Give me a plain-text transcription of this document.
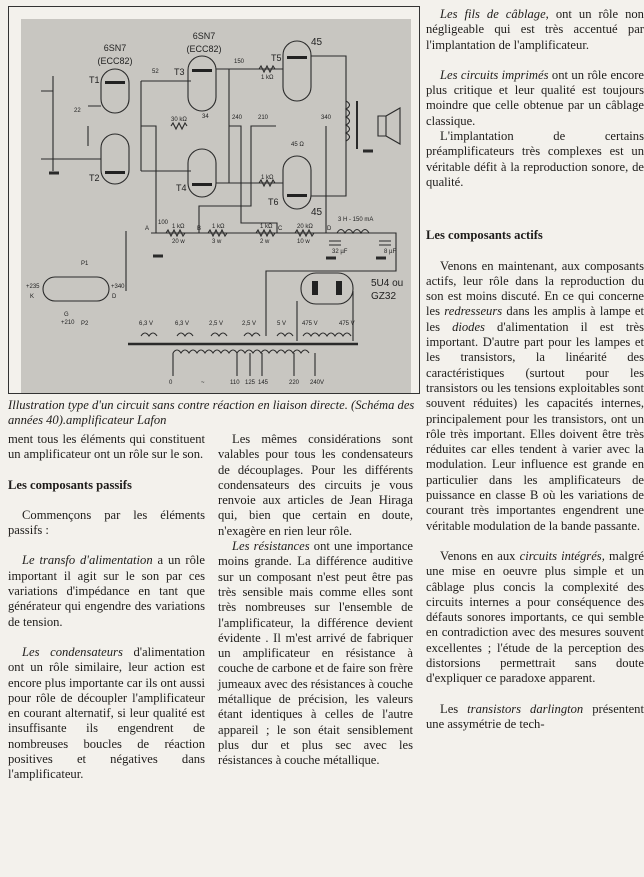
6SN7
(ECC82)
6SN7
(ECC82)
45
45
5U4 ou
GZ32
T1
T2
T3
T4
T5
T6
A	B	C	D
1 kΩ
20 w
1 kΩ
3 w
1 kΩ
2 w
20 kΩ
10 w
3 H - 150 mA
32 µF	8 µF
1 kΩ
1 kΩ
45 Ω
30 kΩ
52
22
150
34	240	210	340
100
6,3 V	6,3 V	2,5 V	2,5 V	5 V	475 V	475 V
0	~	110 125 145	220 240V
+235
K
+340
D
G
+210
P1
P2
Illustration type d'un circuit sans contre réaction en liaison directe. (Schéma des années 40).amplificateur Lafon

ment tous les éléments qui constituent un amplificateur ont un rôle sur le son.

Les composants passifs

Commençons par les éléments passifs :

Le transfo d'alimentation a un rôle important il agit sur le son par ces variations d'impédance en tant que générateur qui engendre des variations de tension.

Les condensateurs d'alimentation ont un rôle similaire, leur action est encore plus importante car ils ont aussi pour rôle de découpler l'amplificateur en courant alternatif, si leur qualité est insuffisante ils engendrent de nombreuses boucles de réaction positives et négatives dans l'amplificateur.

Les mêmes considérations sont valables pour tous les condensateurs de découplages. Pour les différents condensateurs des circuits je vous renvoie aux articles de Jean Hiraga qui, bien que certain en doute, n'exagère en rien leur rôle.

Les résistances ont une importance moins grande. La différence auditive sur un composant n'est peut être pas très sensible mais comme elles sont très nombreuses sur l'ensemble de l'amplificateur, la différence devient évidente . Il m'est arrivé de fabriquer un amplificateur en résistance à couche de carbone et de faire son frère jumeaux avec des résistances à couche métallique de précision, les valeurs étant identiques à celles de l'autre appareil ; le son était sensiblement plus dur et plus sec avec les résistances à couche métallique.

Les fils de câblage, ont un rôle non négligeable qui est très accentué par l'implantation de l'amplificateur.

Les circuits imprimés ont un rôle encore plus critique et leur qualité est toujours moindre que celle obtenue par un câblage classique.

L'implantation de certains préamplificateurs très complexes est un véritable défit à la reproduction sonore, de qualité.

Les composants actifs

Venons en maintenant, aux composants actifs, leur rôle dans la reproduction du son est moins discuté. En ce qui concerne les redresseurs dans les amplis à lampe et les diodes d'alimentation il est très important. D'autre part pour les lampes et les transistors, la linéarité des caractéristiques (surtout pour les transistors ou les tensions exploitables sont souvent réduites) les capacités internes, principalement pour les transistors, ont un rôle très important. Elles doivent être très réduites car elles tendent à varier avec la modulation. Leur influence est grande en particulier dans les amplificateurs de puissance en classe B où les variations de courant très importantes engendrent une véritable modulation de la bande passante.

Venons en aux circuits intégrés, malgré une mise en oeuvre plus simple et un câblage plus concis la complexité des circuits internes a pour conséquence des défauts sonores importants, ce qui semble en contradiction avec des mesures souvent excellentes ; l'étude de la perception des distorsions permettrait sans doute d'expliquer ce paradoxe apparent.

Les transistors darlington présentent une assymétrie de tech-
